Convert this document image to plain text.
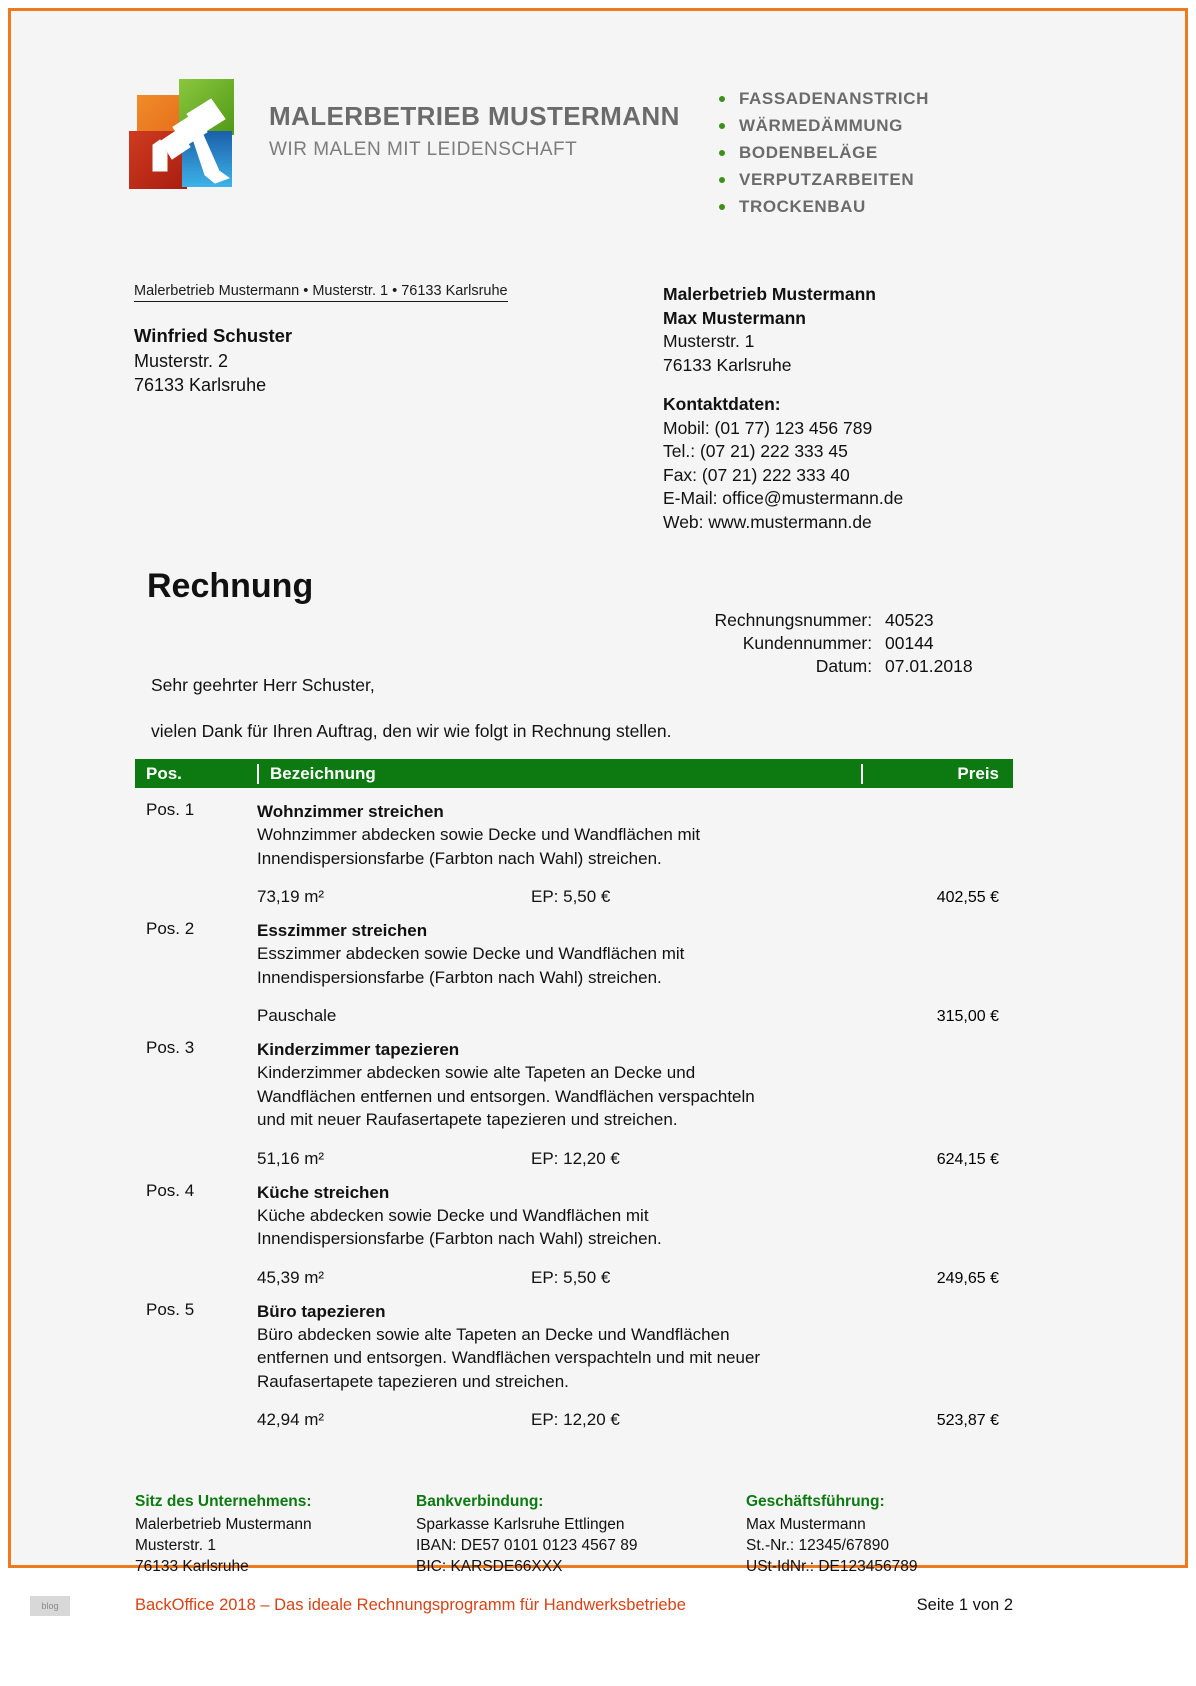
MALERBETRIEB MUSTERMANN
WIR MALEN MIT LEIDENSCHAFT
FASSADENANSTRICH
WÄRMEDÄMMUNG
BODENBELÄGE
VERPUTZARBEITEN
TROCKENBAU
Malerbetrieb Mustermann • Musterstr. 1 • 76133 Karlsruhe
Winfried Schuster
Musterstr. 2
76133 Karlsruhe
Malerbetrieb Mustermann
Max Mustermann
Musterstr. 1
76133 Karlsruhe
Kontaktdaten:
Mobil: (01 77) 123 456 789
Tel.: (07 21) 222 333 45
Fax: (07 21) 222 333 40
E-Mail: office@mustermann.de
Web: www.mustermann.de
Rechnung
Rechnungsnummer: 40523
Kundennummer: 00144
Datum: 07.01.2018
Sehr geehrter Herr Schuster,
vielen Dank für Ihren Auftrag, den wir wie folgt in Rechnung stellen.
Pos.	Bezeichnung	Preis
Pos. 1	Wohnzimmer streichen
Wohnzimmer abdecken sowie Decke und Wandflächen mit
Innendispersionsfarbe (Farbton nach Wahl) streichen.
73,19 m²	EP: 5,50 €	402,55 €
Pos. 2	Esszimmer streichen
Esszimmer abdecken sowie Decke und Wandflächen mit
Innendispersionsfarbe (Farbton nach Wahl) streichen.
Pauschale	315,00 €
Pos. 3	Kinderzimmer tapezieren
Kinderzimmer abdecken sowie alte Tapeten an Decke und
Wandflächen entfernen und entsorgen. Wandflächen verspachteln
und mit neuer Raufasertapete tapezieren und streichen.
51,16 m²	EP: 12,20 €	624,15 €
Pos. 4	Küche streichen
Küche abdecken sowie Decke und Wandflächen mit
Innendispersionsfarbe (Farbton nach Wahl) streichen.
45,39 m²	EP: 5,50 €	249,65 €
Pos. 5	Büro tapezieren
Büro abdecken sowie alte Tapeten an Decke und Wandflächen
entfernen und entsorgen. Wandflächen verspachteln und mit neuer
Raufasertapete tapezieren und streichen.
42,94 m²	EP: 12,20 €	523,87 €
Sitz des Unternehmens:
Malerbetrieb Mustermann
Musterstr. 1
76133 Karlsruhe
Bankverbindung:
Sparkasse Karlsruhe Ettlingen
IBAN: DE57 0101 0123 4567 89
BIC: KARSDE66XXX
Geschäftsführung:
Max Mustermann
St.-Nr.: 12345/67890
USt-IdNr.: DE123456789
BackOffice 2018 – Das ideale Rechnungsprogramm für Handwerksbetriebe	Seite 1 von 2
blog
